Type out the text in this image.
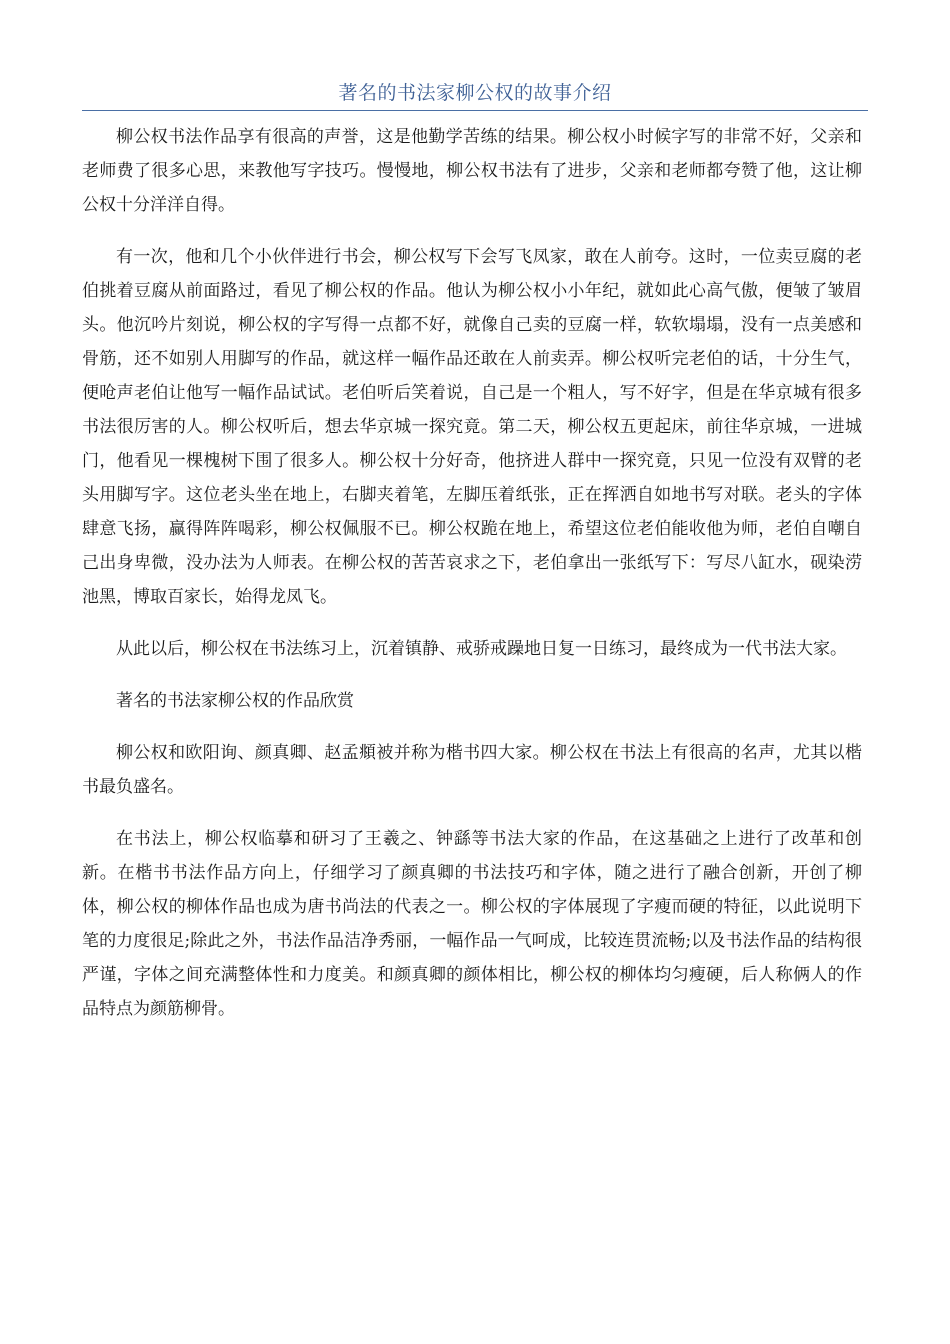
著名的书法家柳公权的故事介绍

柳公权书法作品享有很高的声誉，这是他勤学苦练的结果。柳公权小时候字写的非常不好，父亲和老师费了很多心思，来教他写字技巧。慢慢地，柳公权书法有了进步，父亲和老师都夸赞了他，这让柳公权十分洋洋自得。

有一次，他和几个小伙伴进行书会，柳公权写下会写飞凤家，敢在人前夸。这时，一位卖豆腐的老伯挑着豆腐从前面路过，看见了柳公权的作品。他认为柳公权小小年纪，就如此心高气傲，便皱了皱眉头。他沉吟片刻说，柳公权的字写得一点都不好，就像自己卖的豆腐一样，软软塌塌，没有一点美感和骨筋，还不如别人用脚写的作品，就这样一幅作品还敢在人前卖弄。柳公权听完老伯的话，十分生气，便呛声老伯让他写一幅作品试试。老伯听后笑着说，自己是一个粗人，写不好字，但是在华京城有很多书法很厉害的人。柳公权听后，想去华京城一探究竟。第二天，柳公权五更起床，前往华京城，一进城门，他看见一棵槐树下围了很多人。柳公权十分好奇，他挤进人群中一探究竟，只见一位没有双臂的老头用脚写字。这位老头坐在地上，右脚夹着笔，左脚压着纸张，正在挥洒自如地书写对联。老头的字体肆意飞扬，赢得阵阵喝彩，柳公权佩服不已。柳公权跪在地上，希望这位老伯能收他为师，老伯自嘲自己出身卑微，没办法为人师表。在柳公权的苦苦哀求之下，老伯拿出一张纸写下：写尽八缸水，砚染涝池黑，博取百家长，始得龙凤飞。

从此以后，柳公权在书法练习上，沉着镇静、戒骄戒躁地日复一日练习，最终成为一代书法大家。

著名的书法家柳公权的作品欣赏

柳公权和欧阳询、颜真卿、赵孟頫被并称为楷书四大家。柳公权在书法上有很高的名声，尤其以楷书最负盛名。

在书法上，柳公权临摹和研习了王羲之、钟繇等书法大家的作品，在这基础之上进行了改革和创新。在楷书书法作品方向上，仔细学习了颜真卿的书法技巧和字体，随之进行了融合创新，开创了柳体，柳公权的柳体作品也成为唐书尚法的代表之一。柳公权的字体展现了字瘦而硬的特征，以此说明下笔的力度很足;除此之外，书法作品洁净秀丽，一幅作品一气呵成，比较连贯流畅;以及书法作品的结构很严谨，字体之间充满整体性和力度美。和颜真卿的颜体相比，柳公权的柳体均匀瘦硬，后人称俩人的作品特点为颜筋柳骨。
